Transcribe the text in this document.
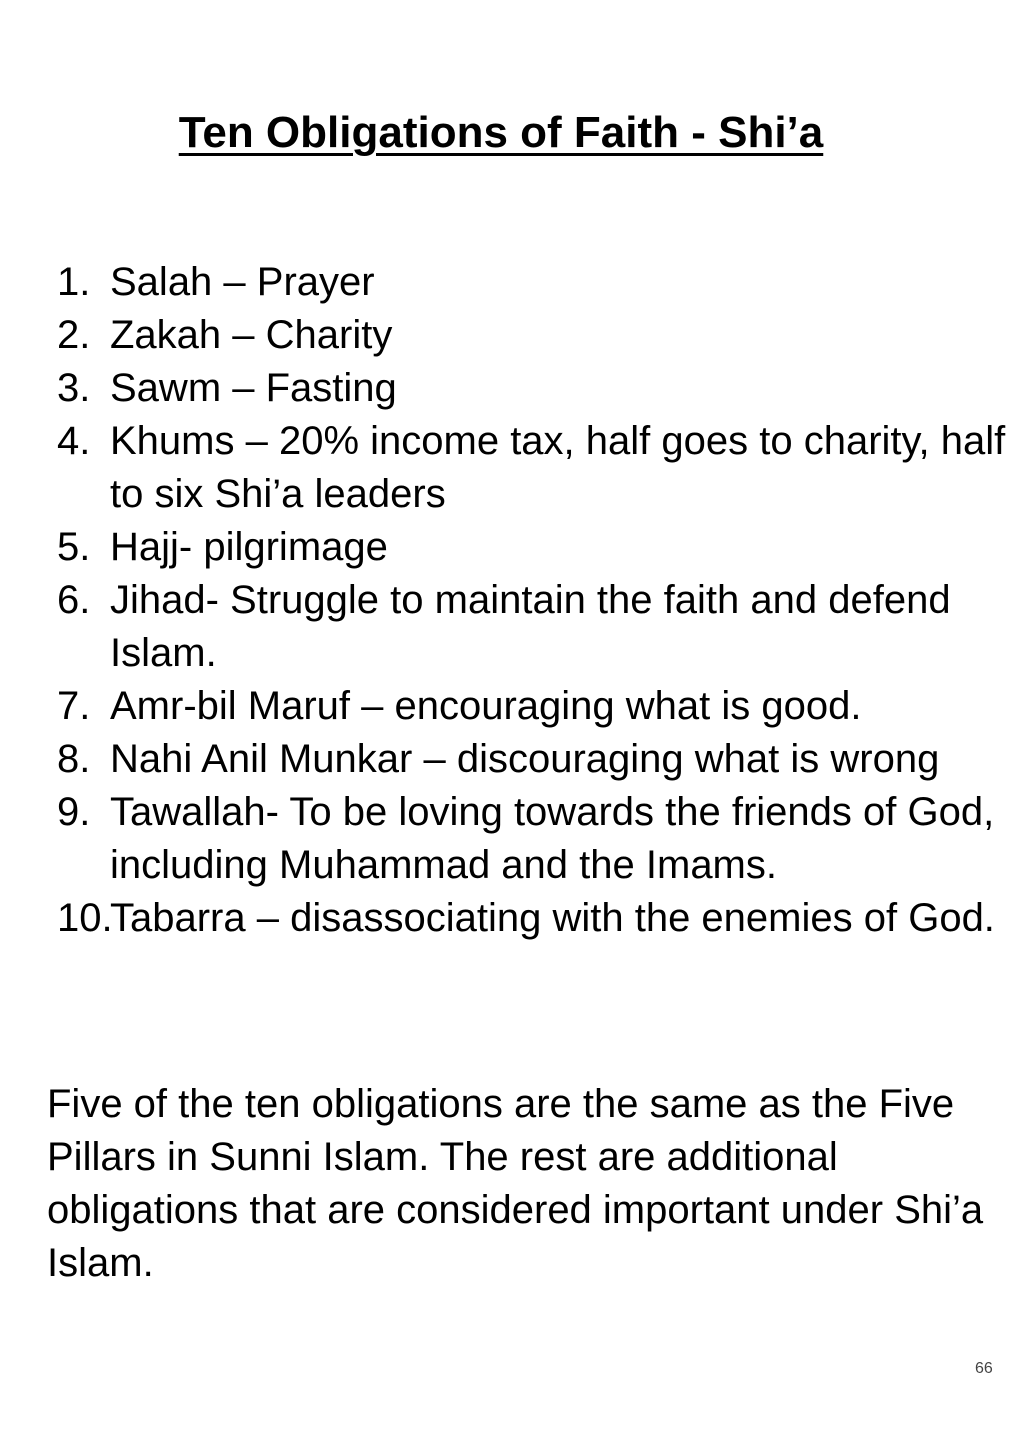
Ten Obligations of Faith - Shi’a
1. Salah – Prayer
2. Zakah – Charity
3. Sawm – Fasting
4. Khums – 20% income tax, half goes to charity, half to six Shi’a leaders
5. Hajj- pilgrimage
6. Jihad- Struggle to maintain the faith and defend Islam.
7. Amr-bil Maruf – encouraging what is good.
8. Nahi Anil Munkar – discouraging what is wrong
9. Tawallah- To be loving towards the friends of God, including Muhammad and the Imams.
10.
Tabarra – disassociating with the enemies of God.

Five of the ten obligations are the same as the Five Pillars in Sunni Islam. The rest are additional obligations that are considered important under Shi’a Islam.

66
